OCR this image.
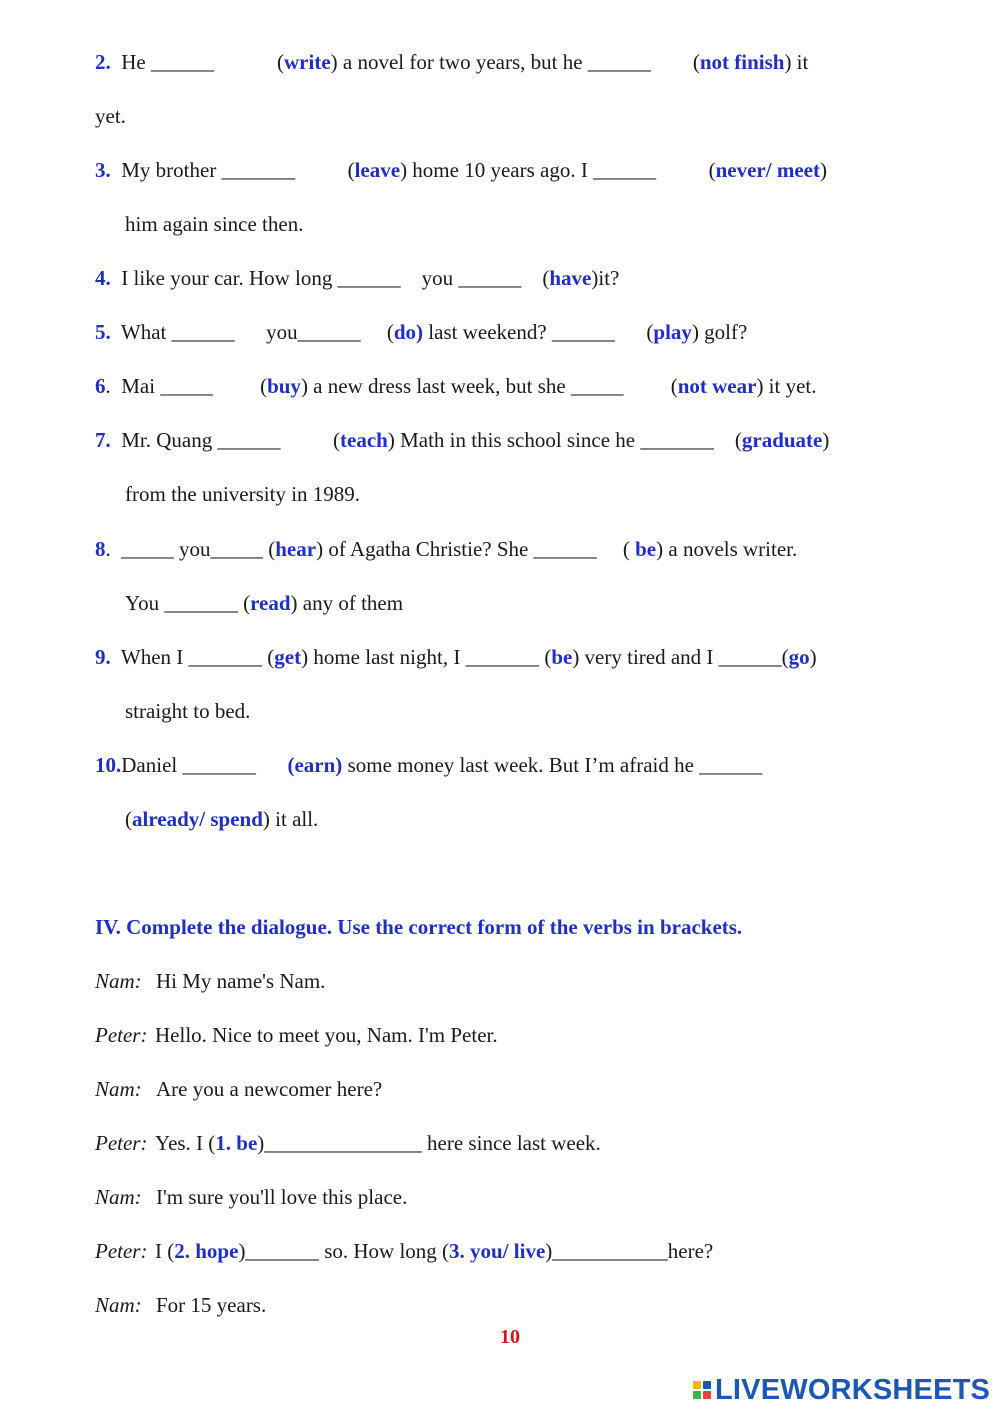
2. He ______            (write) a novel for two years, but he ______        (not finish) it
yet.
3. My brother _______          (leave) home 10 years ago. I ______          (never/ meet)
him again since then.
4. I like your car. How long ______ you ______    (have)it?
5. What ______ you______     (do) last weekend? ______      (play) golf?
6.  Mai _____         (buy) a new dress last week, but she _____         (not wear) it yet.
7. Mr. Quang ______          (teach) Math in this school since he _______    (graduate)
from the university in 1989.
8.  _____ you_____ (hear) of Agatha Christie? She ______     ( be) a novels writer.
You _______ (read) any of them
9. When I _______ (get) home last night, I _______ (be) very tired and I ______(go)
straight to bed.
10.Daniel _______ (earn) some money last week. But I’m afraid he ______
(already/ spend) it all.
IV. Complete the dialogue. Use the correct form of the verbs in brackets.
Nam: Hi My name's Nam.
Peter: Hello. Nice to meet you, Nam. I'm Peter.
Nam: Are you a newcomer here?
Peter: Yes. I (1. be)_______________ here since last week.
Nam: I'm sure you'll love this place.
Peter: I (2. hope)_______ so. How long (3. you/ live)___________here?
Nam: For 15 years.
10
LIVEWORKSHEETS
